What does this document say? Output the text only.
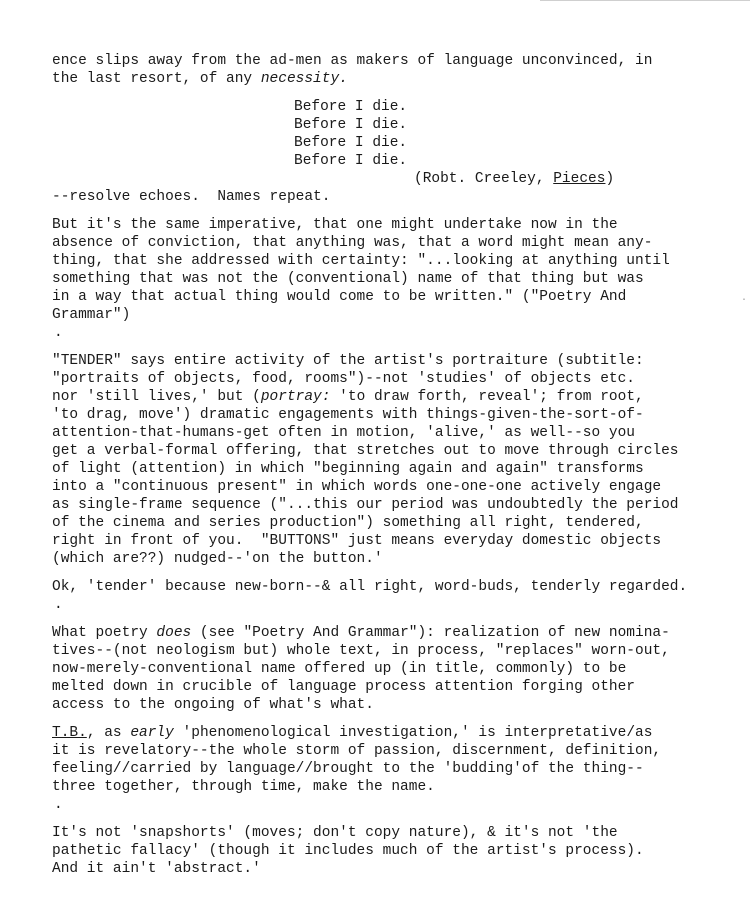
ence slips away from the ad-men as makers of language unconvinced, in
the last resort, of any necessity.
Before I die.
Before I die.
Before I die.
Before I die.
(Robt. Creeley, Pieces)
--resolve echoes.  Names repeat.
But it's the same imperative, that one might undertake now in the
absence of conviction, that anything was, that a word might mean any-
thing, that she addressed with certainty: "...looking at anything until
something that was not the (conventional) name of that thing but was
in a way that actual thing would come to be written." ("Poetry And
Grammar")
.
"TENDER" says entire activity of the artist's portraiture (subtitle:
"portraits of objects, food, rooms")--not 'studies' of objects etc.
nor 'still lives,' but (portray: 'to draw forth, reveal'; from root,
'to drag, move') dramatic engagements with things-given-the-sort-of-
attention-that-humans-get often in motion, 'alive,' as well--so you
get a verbal-formal offering, that stretches out to move through circles
of light (attention) in which "beginning again and again" transforms
into a "continuous present" in which words one-one-one actively engage
as single-frame sequence ("...this our period was undoubtedly the period
of the cinema and series production") something all right, tendered,
right in front of you.  "BUTTONS" just means everyday domestic objects
(which are??) nudged--'on the button.'
Ok, 'tender' because new-born--& all right, word-buds, tenderly regarded.
.
What poetry does (see "Poetry And Grammar"): realization of new nomina-
tives--(not neologism but) whole text, in process, "replaces" worn-out,
now-merely-conventional name offered up (in title, commonly) to be
melted down in crucible of language process attention forging other
access to the ongoing of what's what.
T.B., as early 'phenomenological investigation,' is interpretative/as
it is revelatory--the whole storm of passion, discernment, definition,
feeling//carried by language//brought to the 'budding'of the thing--
three together, through time, make the name.
.
It's not 'snapshorts' (moves; don't copy nature), & it's not 'the
pathetic fallacy' (though it includes much of the artist's process).
And it ain't 'abstract.'
·
